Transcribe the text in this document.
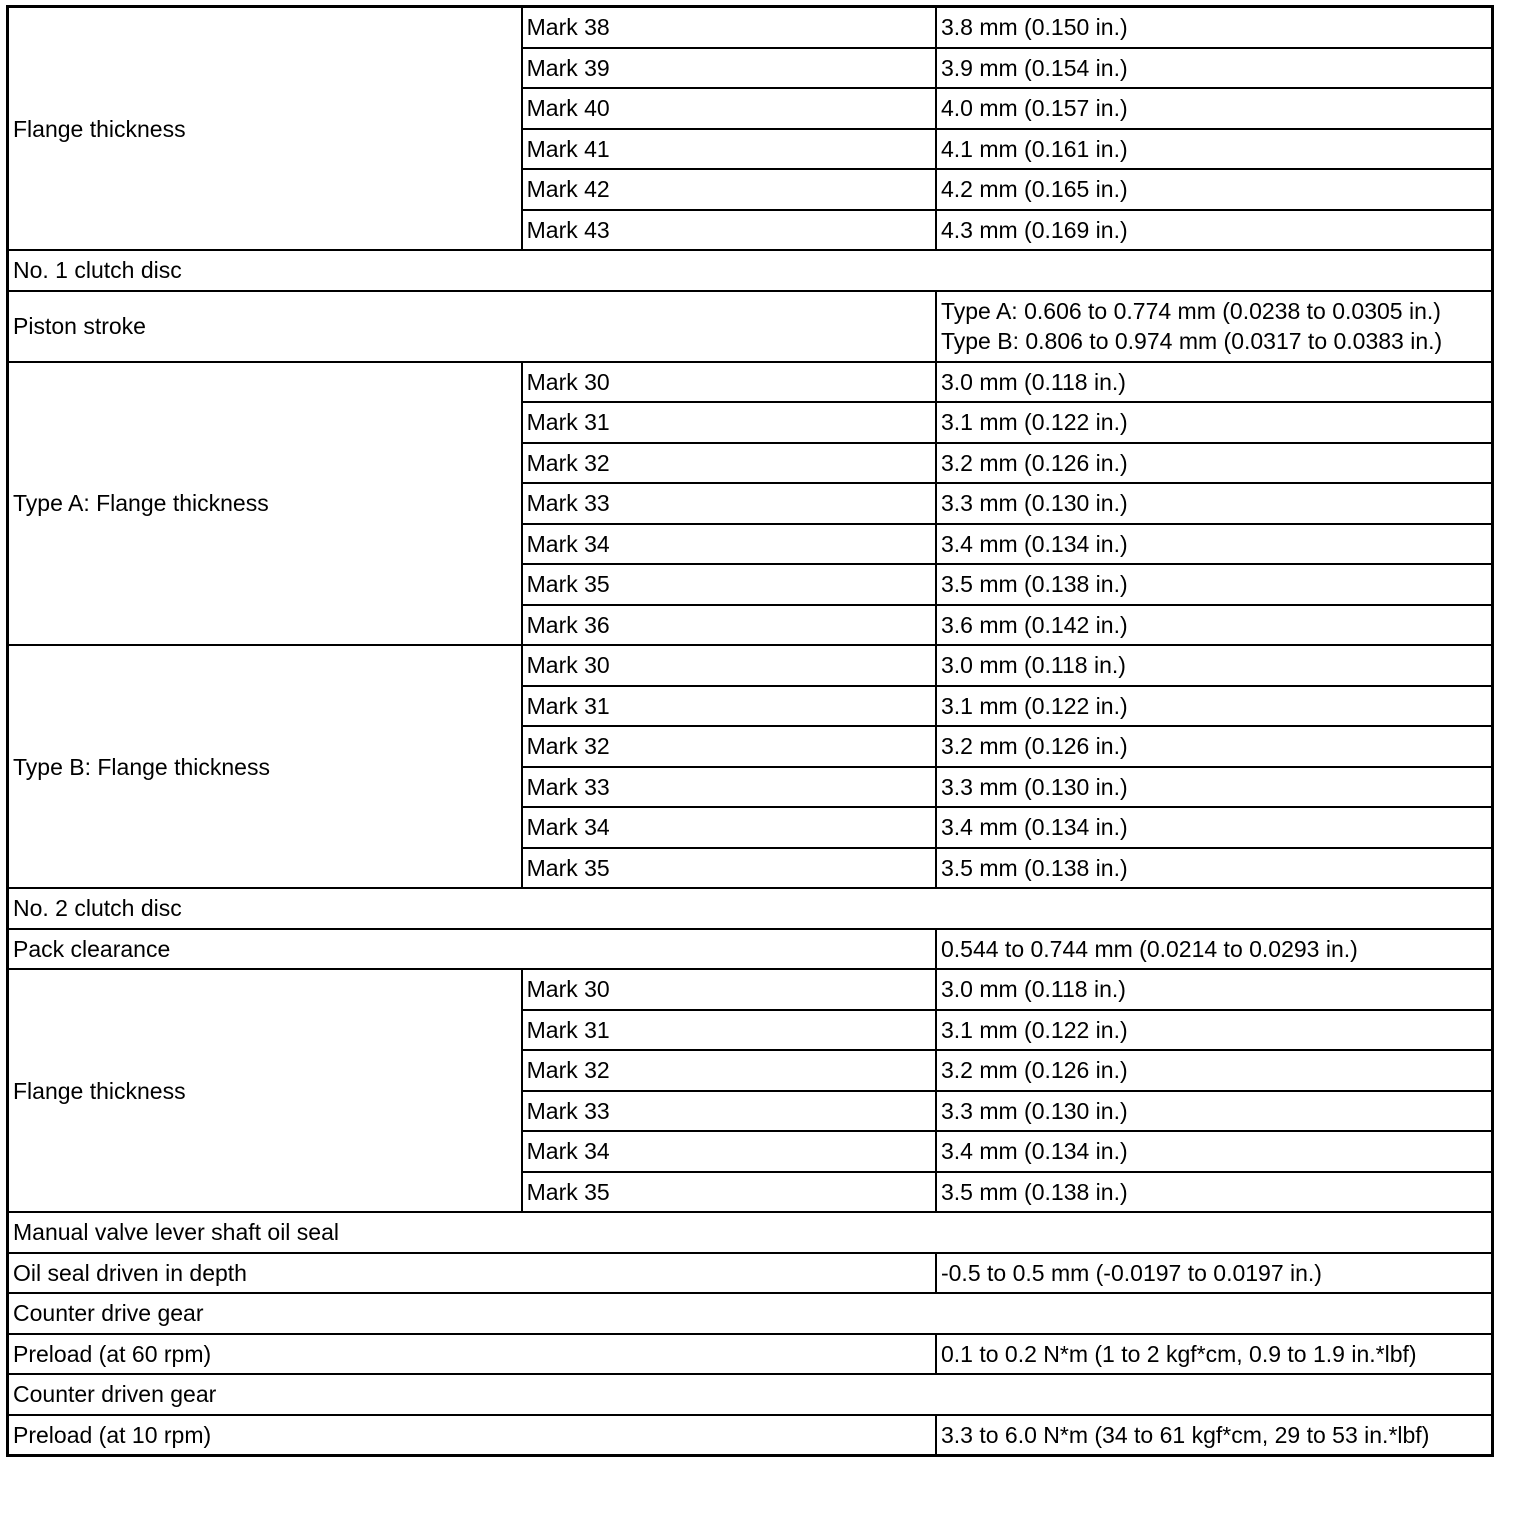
Flange thickness	Mark 38	3.8 mm (0.150 in.)
	Mark 39	3.9 mm (0.154 in.)
	Mark 40	4.0 mm (0.157 in.)
	Mark 41	4.1 mm (0.161 in.)
	Mark 42	4.2 mm (0.165 in.)
	Mark 43	4.3 mm (0.169 in.)
No. 1 clutch disc		
Piston stroke		Type A: 0.606 to 0.774 mm (0.0238 to 0.0305 in.)
Type B: 0.806 to 0.974 mm (0.0317 to 0.0383 in.)

Type A: Flange thickness	Mark 30	3.0 mm (0.118 in.)
	Mark 31	3.1 mm (0.122 in.)
	Mark 32	3.2 mm (0.126 in.)
	Mark 33	3.3 mm (0.130 in.)
	Mark 34	3.4 mm (0.134 in.)
	Mark 35	3.5 mm (0.138 in.)
	Mark 36	3.6 mm (0.142 in.)
Type B: Flange thickness	Mark 30	3.0 mm (0.118 in.)
	Mark 31	3.1 mm (0.122 in.)
	Mark 32	3.2 mm (0.126 in.)
	Mark 33	3.3 mm (0.130 in.)
	Mark 34	3.4 mm (0.134 in.)
	Mark 35	3.5 mm (0.138 in.)
No. 2 clutch disc		
Pack clearance		0.544 to 0.744 mm (0.0214 to 0.0293 in.)
Flange thickness	Mark 30	3.0 mm (0.118 in.)
	Mark 31	3.1 mm (0.122 in.)
	Mark 32	3.2 mm (0.126 in.)
	Mark 33	3.3 mm (0.130 in.)
	Mark 34	3.4 mm (0.134 in.)
	Mark 35	3.5 mm (0.138 in.)
Manual valve lever shaft oil seal		
Oil seal driven in depth		-0.5 to 0.5 mm (-0.0197 to 0.0197 in.)
Counter drive gear		
Preload (at 60 rpm)		0.1 to 0.2 N*m (1 to 2 kgf*cm, 0.9 to 1.9 in.*lbf)
Counter driven gear		
Preload (at 10 rpm)		3.3 to 6.0 N*m (34 to 61 kgf*cm, 29 to 53 in.*lbf)
